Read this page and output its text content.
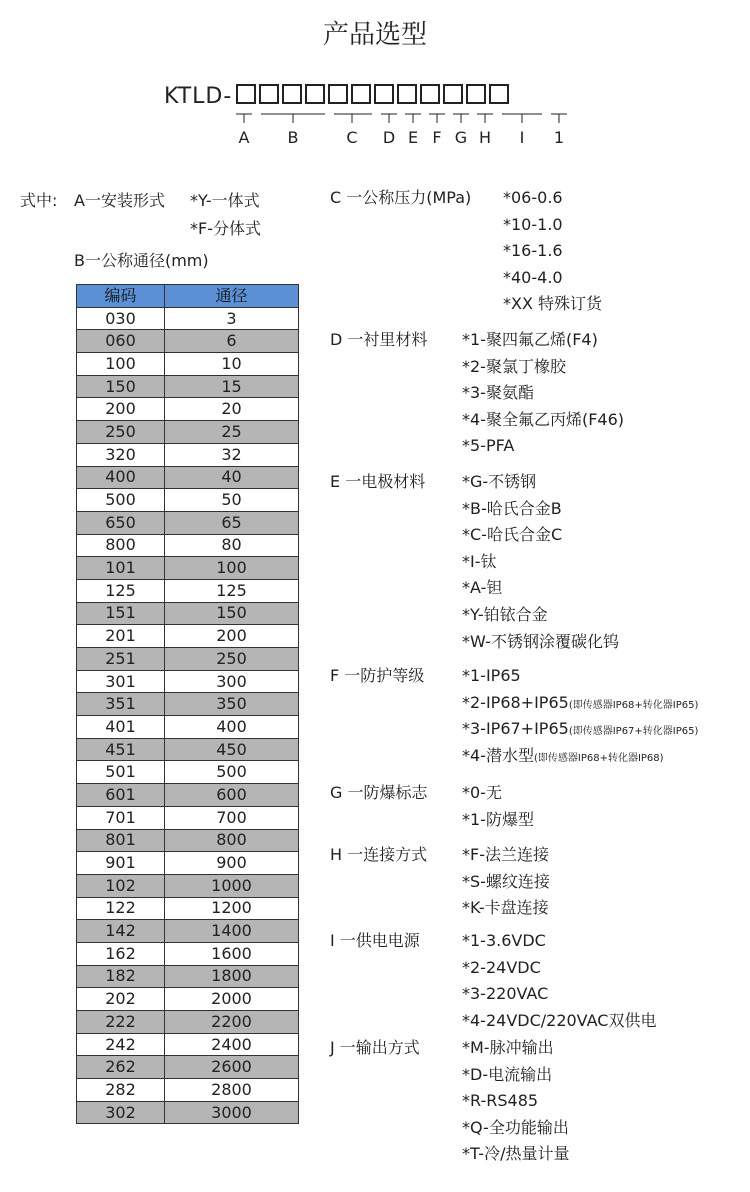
产品选型
KTLD-
A B	C D E F G H	I	1
式中: A一安装形式 *Y-一体式
*F-分体式
B一公称通径(mm)
编码	通径
030	3
060	6
100	10
150	15
200	20
250	25
320	32
400	40
500	50
650	65
800	80
101	100
125	125
151	150
201	200
251	250
301	300
351	350
401	400
451	450
501	500
601	600
701	700
801	800
901	900
102	1000
122	1200
142	1400
162	1600
182	1800
202	2000
222	2200
242	2400
262	2600
282	2800
302	3000
C 一公称压力(MPa) *06-0.6
*10-1.0
*16-1.6
*40-4.0
*XX 特殊订货
D 一衬里材料 *1-聚四氟乙烯(F4)
*2-聚氯丁橡胶
*3-聚氨酯
*4-聚全氟乙丙烯(F46)
*5-PFA
E 一电极材料 *G-不锈钢
*B-哈氏合金B
*C-哈氏合金C
*I-钛
*A-钽
*Y-铂铱合金
*W-不锈钢涂覆碳化钨
F 一防护等级 *1-IP65
*2-IP68+IP65(即传感器IP68+转化器IP65)
*3-IP67+IP65(即传感器IP67+转化器IP65)
*4-潜水型(即传感器IP68+转化器IP68)
G 一防爆标志 *0-无
*1-防爆型
H 一连接方式 *F-法兰连接
*S-螺纹连接
*K-卡盘连接
I 一供电电源	*1-3.6VDC
*2-24VDC
*3-220VAC
*4-24VDC/220VAC双供电
J 一输出方式	*M-脉冲输出
*D-电流输出
*R-RS485
*Q-全功能输出
*T-冷/热量计量
